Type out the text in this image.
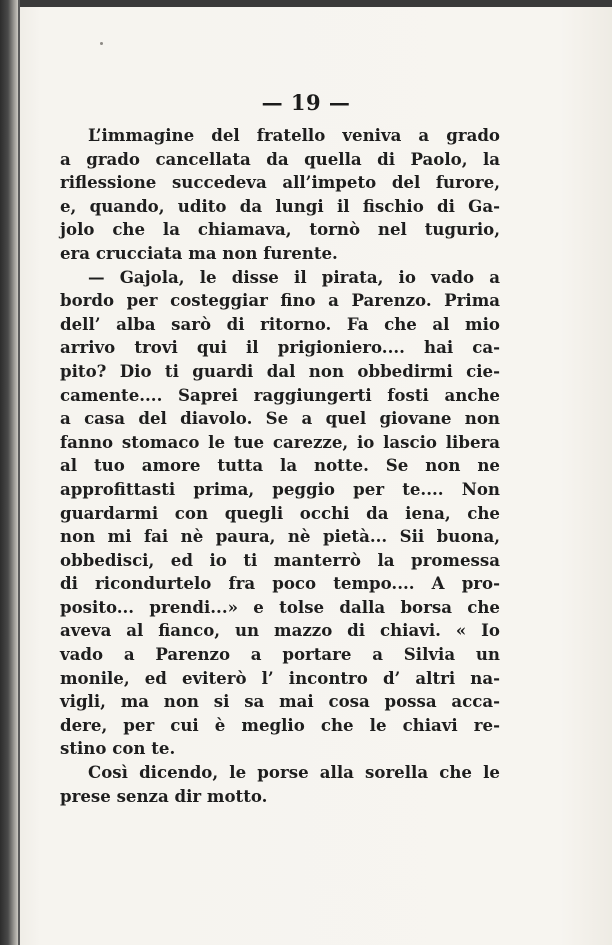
— 19 —
L’immagine del fratello veniva a grado
a grado cancellata da quella di Paolo, la
riflessione succedeva all’impeto del furore,
e, quando, udito da lungi il fischio di Ga-
jolo che la chiamava, tornò nel tugurio,
era crucciata ma non furente.
— Gajola, le disse il pirata, io vado a
bordo per costeggiar fino a Parenzo. Prima
dell’ alba sarò di ritorno. Fa che al mio
arrivo trovi qui il prigioniero.... hai ca-
pito? Dio ti guardi dal non obbedirmi cie-
camente.... Saprei raggiungerti fosti anche
a casa del diavolo. Se a quel giovane non
fanno stomaco le tue carezze, io lascio libera
al tuo amore tutta la notte. Se non ne
approfittasti prima, peggio per te.... Non
guardarmi con quegli occhi da iena, che
non mi fai nè paura, nè pietà... Sii buona,
obbedisci, ed io ti manterrò la promessa
di ricondurtelo fra poco tempo.... A pro-
posito... prendi...» e tolse dalla borsa che
aveva al fianco, un mazzo di chiavi. « Io
vado a Parenzo a portare a Silvia un
monile, ed eviterò l’ incontro d’ altri na-
vigli, ma non si sa mai cosa possa acca-
dere, per cui è meglio che le chiavi re-
stino con te.
Così dicendo, le porse alla sorella che le
prese senza dir motto.
